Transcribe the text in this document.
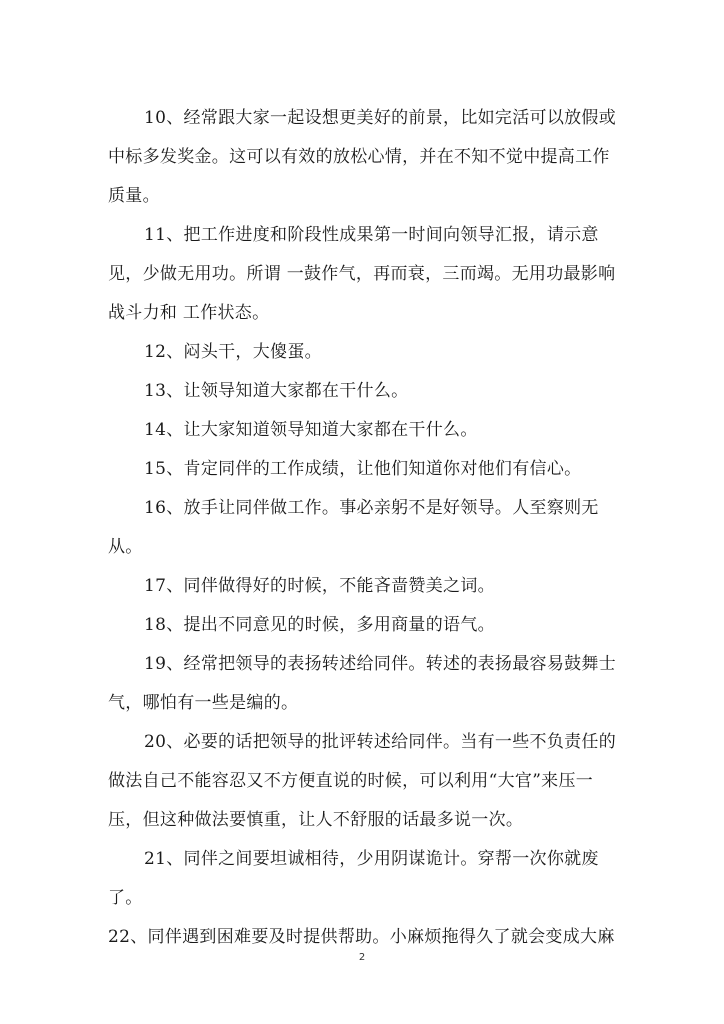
10、经常跟大家一起设想更美好的前景，比如完活可以放假或
中标多发奖金。这可以有效的放松心情，并在不知不觉中提高工作
质量。
11、把工作进度和阶段性成果第一时间向领导汇报，请示意
见，少做无用功。所谓 一鼓作气，再而衰，三而竭。无用功最影响
战斗力和 工作状态。
12、闷头干，大傻蛋。
13、让领导知道大家都在干什么。
14、让大家知道领导知道大家都在干什么。
15、肯定同伴的工作成绩，让他们知道你对他们有信心。
16、放手让同伴做工作。事必亲躬不是好领导。人至察则无
从。
17、同伴做得好的时候，不能吝啬赞美之词。
18、提出不同意见的时候，多用商量的语气。
19、经常把领导的表扬转述给同伴。转述的表扬最容易鼓舞士
气，哪怕有一些是编的。
20、必要的话把领导的批评转述给同伴。当有一些不负责任的
做法自己不能容忍又不方便直说的时候，可以利用“大官”来压一
压，但这种做法要慎重，让人不舒服的话最多说一次。
21、同伴之间要坦诚相待，少用阴谋诡计。穿帮一次你就废
了。
22、同伴遇到困难要及时提供帮助。小麻烦拖得久了就会变成大麻
2
